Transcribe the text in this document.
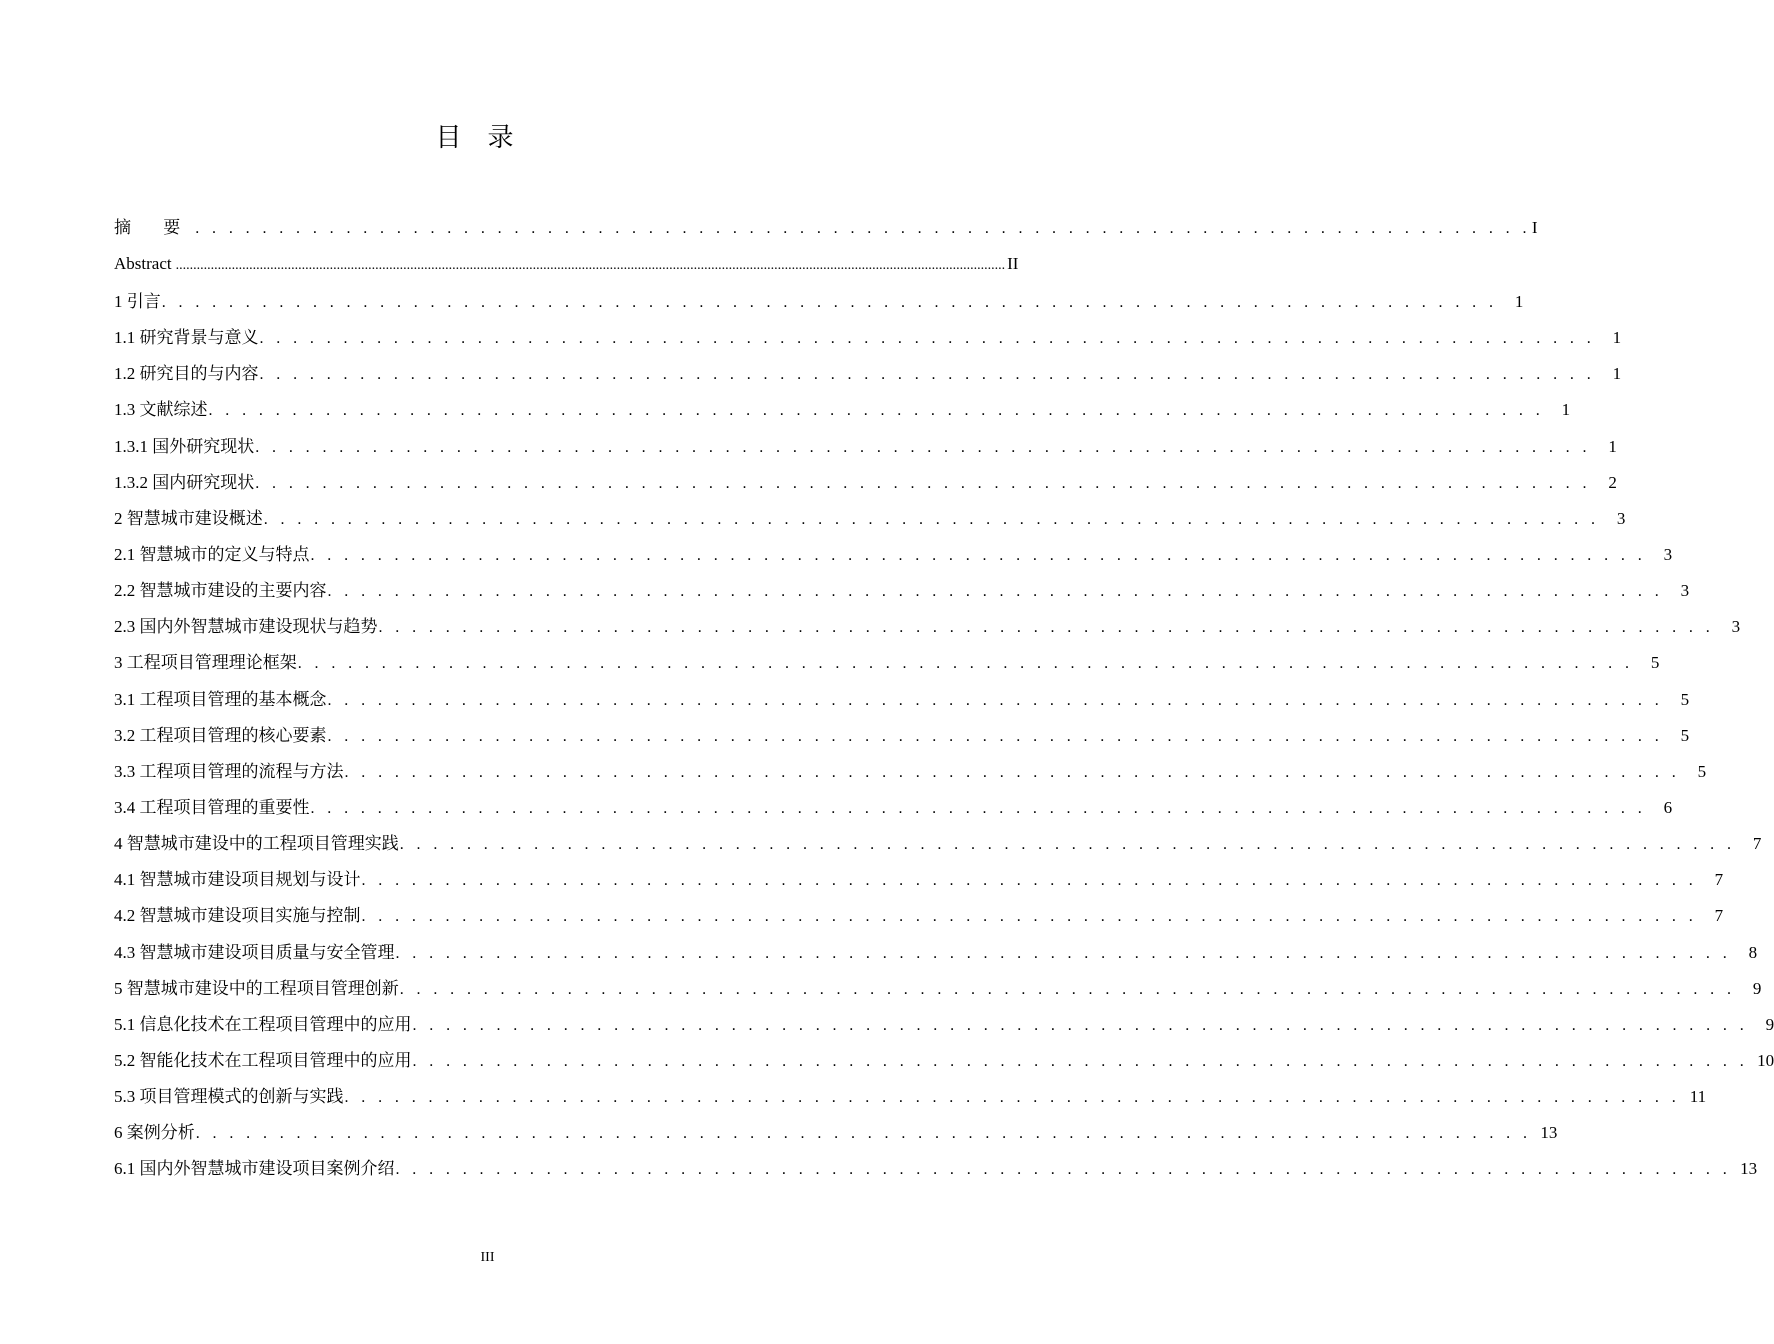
目录
摘 要 . . . . . . . . . . . . . . . . . . . . . . . . . . . . . . . . . . . . . . . . . . . . . . . . . . . . . . . . . . . . . . . . . . . . . . . . . . . . . . . . I
Abstract ............................................................................................................................................................................................................................................. II
1 引言 . . . . . . . . . . . . . . . . . . . . . . . . . . . . . . . . . . . . . . . . . . . . . . . . . . . . . . . . . . . . . . . . . . . . . . . . . . . . . . . .	1
1.1 研究背景与意义 . . . . . . . . . . . . . . . . . . . . . . . . . . . . . . . . . . . . . . . . . . . . . . . . . . . . . . . . . . . . . . . . . . . . . . . . . . . . . . . .	1
1.2 研究目的与内容 . . . . . . . . . . . . . . . . . . . . . . . . . . . . . . . . . . . . . . . . . . . . . . . . . . . . . . . . . . . . . . . . . . . . . . . . . . . . . . . .	1
1.3 文献综述 . . . . . . . . . . . . . . . . . . . . . . . . . . . . . . . . . . . . . . . . . . . . . . . . . . . . . . . . . . . . . . . . . . . . . . . . . . . . . . . .	1
1.3.1 国外研究现状 . . . . . . . . . . . . . . . . . . . . . . . . . . . . . . . . . . . . . . . . . . . . . . . . . . . . . . . . . . . . . . . . . . . . . . . . . . . . . . . .	1
1.3.2 国内研究现状 . . . . . . . . . . . . . . . . . . . . . . . . . . . . . . . . . . . . . . . . . . . . . . . . . . . . . . . . . . . . . . . . . . . . . . . . . . . . . . . .	2
2 智慧城市建设概述 . . . . . . . . . . . . . . . . . . . . . . . . . . . . . . . . . . . . . . . . . . . . . . . . . . . . . . . . . . . . . . . . . . . . . . . . . . . . . . . .	3
2.1 智慧城市的定义与特点 . . . . . . . . . . . . . . . . . . . . . . . . . . . . . . . . . . . . . . . . . . . . . . . . . . . . . . . . . . . . . . . . . . . . . . . . . . . . . . . .	3
2.2 智慧城市建设的主要内容 . . . . . . . . . . . . . . . . . . . . . . . . . . . . . . . . . . . . . . . . . . . . . . . . . . . . . . . . . . . . . . . . . . . . . . . . . . . . . . . .	3
2.3 国内外智慧城市建设现状与趋势 . . . . . . . . . . . . . . . . . . . . . . . . . . . . . . . . . . . . . . . . . . . . . . . . . . . . . . . . . . . . . . . . . . . . . . . . . . . . . . . .	3
3 工程项目管理理论框架 . . . . . . . . . . . . . . . . . . . . . . . . . . . . . . . . . . . . . . . . . . . . . . . . . . . . . . . . . . . . . . . . . . . . . . . . . . . . . . . .	5
3.1 工程项目管理的基本概念 . . . . . . . . . . . . . . . . . . . . . . . . . . . . . . . . . . . . . . . . . . . . . . . . . . . . . . . . . . . . . . . . . . . . . . . . . . . . . . . .	5
3.2 工程项目管理的核心要素 . . . . . . . . . . . . . . . . . . . . . . . . . . . . . . . . . . . . . . . . . . . . . . . . . . . . . . . . . . . . . . . . . . . . . . . . . . . . . . . .	5
3.3 工程项目管理的流程与方法 . . . . . . . . . . . . . . . . . . . . . . . . . . . . . . . . . . . . . . . . . . . . . . . . . . . . . . . . . . . . . . . . . . . . . . . . . . . . . . . .	5
3.4 工程项目管理的重要性 . . . . . . . . . . . . . . . . . . . . . . . . . . . . . . . . . . . . . . . . . . . . . . . . . . . . . . . . . . . . . . . . . . . . . . . . . . . . . . . .	6
4 智慧城市建设中的工程项目管理实践 . . . . . . . . . . . . . . . . . . . . . . . . . . . . . . . . . . . . . . . . . . . . . . . . . . . . . . . . . . . . . . . . . . . . . . . . . . . . . . . .	7
4.1 智慧城市建设项目规划与设计 . . . . . . . . . . . . . . . . . . . . . . . . . . . . . . . . . . . . . . . . . . . . . . . . . . . . . . . . . . . . . . . . . . . . . . . . . . . . . . . .	7
4.2 智慧城市建设项目实施与控制 . . . . . . . . . . . . . . . . . . . . . . . . . . . . . . . . . . . . . . . . . . . . . . . . . . . . . . . . . . . . . . . . . . . . . . . . . . . . . . . .	7
4.3 智慧城市建设项目质量与安全管理 . . . . . . . . . . . . . . . . . . . . . . . . . . . . . . . . . . . . . . . . . . . . . . . . . . . . . . . . . . . . . . . . . . . . . . . . . . . . . . . .	8
5 智慧城市建设中的工程项目管理创新 . . . . . . . . . . . . . . . . . . . . . . . . . . . . . . . . . . . . . . . . . . . . . . . . . . . . . . . . . . . . . . . . . . . . . . . . . . . . . . . .	9
5.1 信息化技术在工程项目管理中的应用 . . . . . . . . . . . . . . . . . . . . . . . . . . . . . . . . . . . . . . . . . . . . . . . . . . . . . . . . . . . . . . . . . . . . . . . . . . . . . . . .	9
5.2 智能化技术在工程项目管理中的应用 . . . . . . . . . . . . . . . . . . . . . . . . . . . . . . . . . . . . . . . . . . . . . . . . . . . . . . . . . . . . . . . . . . . . . . . . . . . . . . . . 10
5.3 项目管理模式的创新与实践 . . . . . . . . . . . . . . . . . . . . . . . . . . . . . . . . . . . . . . . . . . . . . . . . . . . . . . . . . . . . . . . . . . . . . . . . . . . . . . . . 11
6 案例分析 . . . . . . . . . . . . . . . . . . . . . . . . . . . . . . . . . . . . . . . . . . . . . . . . . . . . . . . . . . . . . . . . . . . . . . . . . . . . . . . . 13
6.1 国内外智慧城市建设项目案例介绍 . . . . . . . . . . . . . . . . . . . . . . . . . . . . . . . . . . . . . . . . . . . . . . . . . . . . . . . . . . . . . . . . . . . . . . . . . . . . . . . . 13
III
